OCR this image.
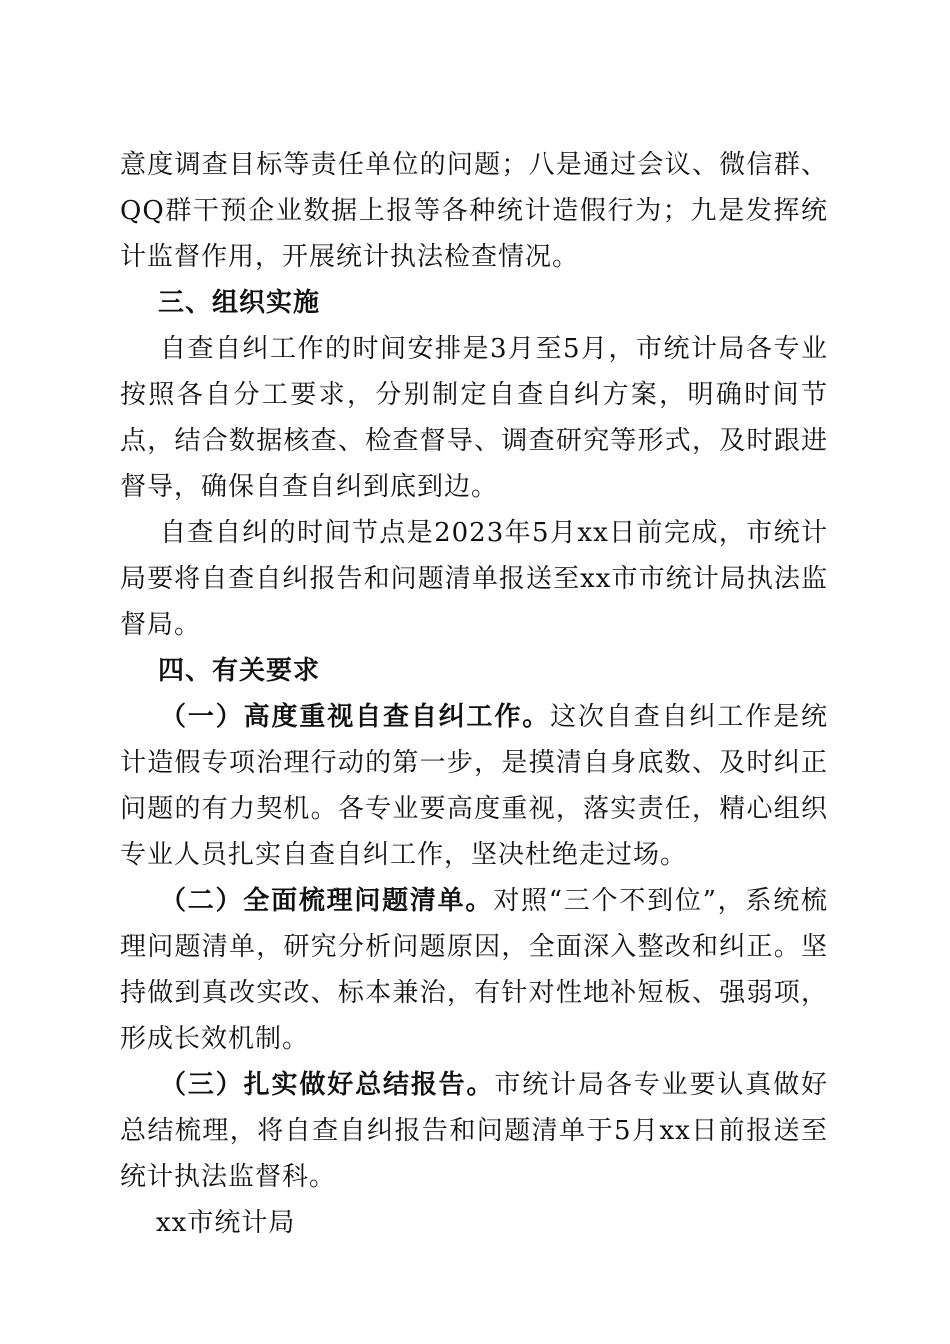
意度调查目标等责任单位的问题；八是通过会议、微信群、QQ群干预企业数据上报等各种统计造假行为；九是发挥统计监督作用，开展统计执法检查情况。

三、组织实施

自查自纠工作的时间安排是3月至5月，市统计局各专业按照各自分工要求，分别制定自查自纠方案，明确时间节点，结合数据核查、检查督导、调查研究等形式，及时跟进督导，确保自查自纠到底到边。

自查自纠的时间节点是2023年5月xx日前完成，市统计局要将自查自纠报告和问题清单报送至xx市市统计局执法监督局。

四、有关要求

（一）高度重视自查自纠工作。这次自查自纠工作是统计造假专项治理行动的第一步，是摸清自身底数、及时纠正问题的有力契机。各专业要高度重视，落实责任，精心组织专业人员扎实自查自纠工作，坚决杜绝走过场。

（二）全面梳理问题清单。对照“三个不到位”，系统梳理问题清单，研究分析问题原因，全面深入整改和纠正。坚持做到真改实改、标本兼治，有针对性地补短板、强弱项，形成长效机制。

（三）扎实做好总结报告。市统计局各专业要认真做好总结梳理，将自查自纠报告和问题清单于5月xx日前报送至统计执法监督科。

xx市统计局
